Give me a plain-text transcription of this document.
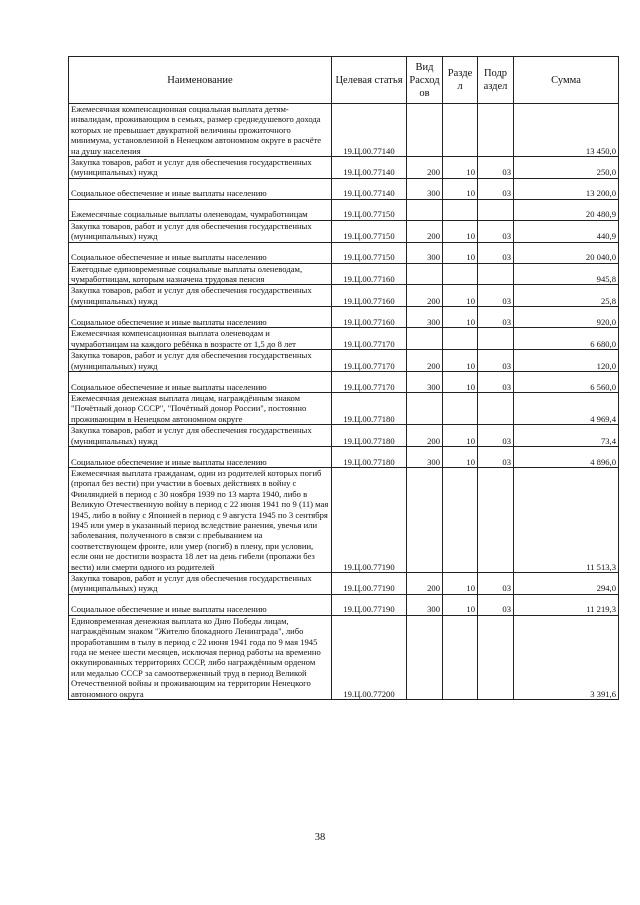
Наименование	Целевая статья	Вид Расход ов	Разде л	Подр аздел	Сумма
Ежемесячная компенсационная социальная выплата детям-инвалидам, проживающим в семьях, размер среднедушевого дохода которых не превышает двукратной величины прожиточного минимума, установленной в Ненецком автономном округе в расчёте на душу населения	19.Ц.00.77140				13 450,0
Закупка товаров, работ и услуг для обеспечения государственных (муниципальных) нужд	19.Ц.00.77140	200	10	03	250,0
Социальное обеспечение и иные выплаты населению	19.Ц.00.77140	300	10	03	13 200,0
Ежемесячные социальные выплаты оленеводам, чумработницам	19.Ц.00.77150				20 480,9
Закупка товаров, работ и услуг для обеспечения государственных (муниципальных) нужд	19.Ц.00.77150	200	10	03	440,9
Социальное обеспечение и иные выплаты населению	19.Ц.00.77150	300	10	03	20 040,0
Ежегодные единовременные социальные выплаты оленеводам, чумработницам, которым назначена трудовая пенсия	19.Ц.00.77160				945,8
Закупка товаров, работ и услуг для обеспечения государственных (муниципальных) нужд	19.Ц.00.77160	200	10	03	25,8
Социальное обеспечение и иные выплаты населению	19.Ц.00.77160	300	10	03	920,0
Ежемесячная компенсационная выплата оленеводам и чумработницам на каждого ребёнка в возрасте от 1,5 до 8 лет	19.Ц.00.77170				6 680,0
Закупка товаров, работ и услуг для обеспечения государственных (муниципальных) нужд	19.Ц.00.77170	200	10	03	120,0
Социальное обеспечение и иные выплаты населению	19.Ц.00.77170	300	10	03	6 560,0
Ежемесячная денежная выплата лицам, награждённым знаком "Почётный донор СССР", "Почётный донор России", постоянно проживающим в Ненецком автономном округе	19.Ц.00.77180				4 969,4
Закупка товаров, работ и услуг для обеспечения государственных (муниципальных) нужд	19.Ц.00.77180	200	10	03	73,4
Социальное обеспечение и иные выплаты населению	19.Ц.00.77180	300	10	03	4 896,0
Ежемесячная выплата гражданам, один из родителей которых погиб (пропал без вести) при участии в боевых действиях в войну с Финляндией в период с 30 ноября 1939 по 13 марта 1940, либо в Великую Отечественную войну в период с 22 июня 1941 по 9 (11) мая 1945, либо в войну с Японией в период с 9 августа 1945 по 3 сентября 1945 или умер в указанный период вследствие ранения, увечья или заболевания, полученного в связи с пребыванием на соответствующем фронте, или умер (погиб) в плену, при условии, если они не достигли возраста 18 лет на день гибели (пропажи без вести) или смерти одного из родителей	19.Ц.00.77190				11 513,3
Закупка товаров, работ и услуг для обеспечения государственных (муниципальных) нужд	19.Ц.00.77190	200	10	03	294,0
Социальное обеспечение и иные выплаты населению	19.Ц.00.77190	300	10	03	11 219,3
Единовременная денежная выплата ко Дню Победы лицам, награждённым знаком "Жителю блокадного Ленинграда", либо проработавшим в тылу в период с 22 июня 1941 года по 9 мая 1945 года не менее шести месяцев, исключая период работы на временно оккупированных территориях СССР, либо награждённым орденом или медалью СССР за самоотверженный труд в период Великой Отечественной войны и проживающим на территории Ненецкого автономного округа	19.Ц.00.77200				3 391,6
38
